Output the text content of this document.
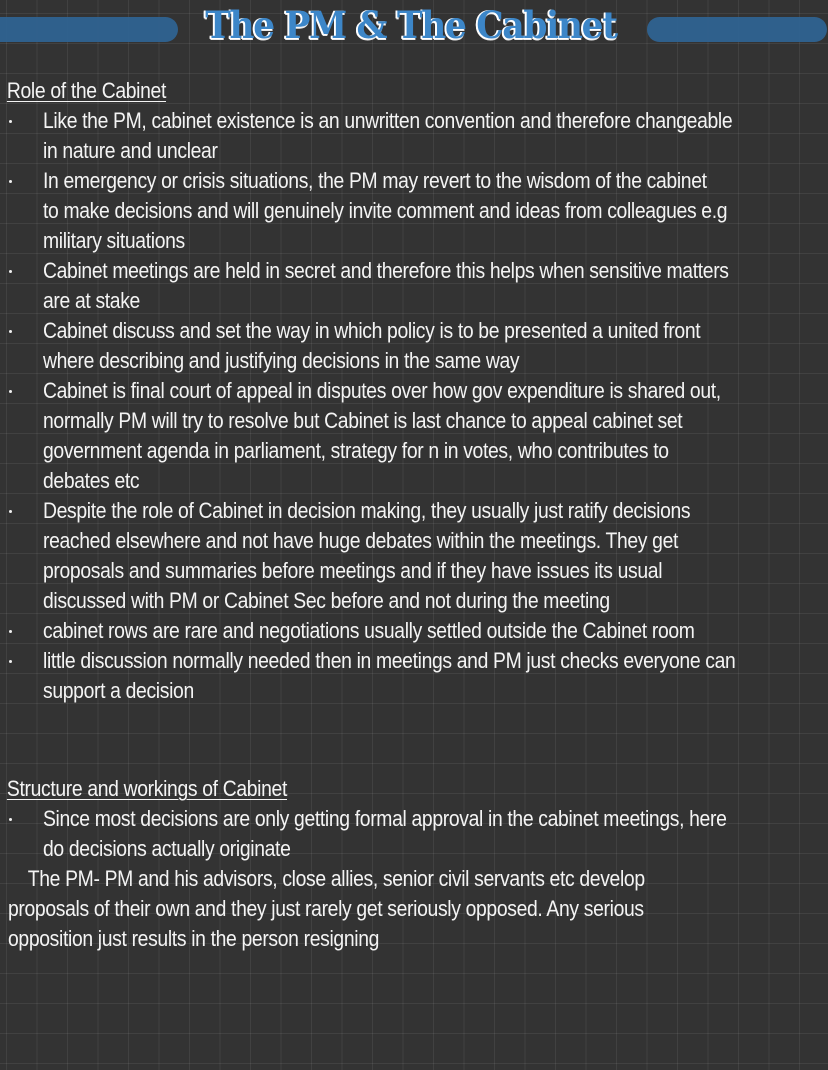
The PM & The Cabinet
Role of the Cabinet
Like the PM, cabinet existence is an unwritten convention and therefore changeable
in nature and unclear
In emergency or crisis situations, the PM may revert to the wisdom of the cabinet
to make decisions and will genuinely invite comment and ideas from colleagues e.g
military situations
Cabinet meetings are held in secret and therefore this helps when sensitive matters
are at stake
Cabinet discuss and set the way in which policy is to be presented a united front
where describing and justifying decisions in the same way
Cabinet is final court of appeal in disputes over how gov expenditure is shared out,
normally PM will try to resolve but Cabinet is last chance to appeal cabinet set
government agenda in parliament, strategy for n in votes, who contributes to
debates etc
Despite the role of Cabinet in decision making, they usually just ratify decisions
reached elsewhere and not have huge debates within the meetings. They get
proposals and summaries before meetings and if they have issues its usual
discussed with PM or Cabinet Sec before and not during the meeting
cabinet rows are rare and negotiations usually settled outside the Cabinet room
little discussion normally needed then in meetings and PM just checks everyone can
support a decision
Structure and workings of Cabinet
Since most decisions are only getting formal approval in the cabinet meetings, here
do decisions actually originate
The PM- PM and his advisors, close allies, senior civil servants etc develop
proposals of their own and they just rarely get seriously opposed. Any serious
opposition just results in the person resigning
